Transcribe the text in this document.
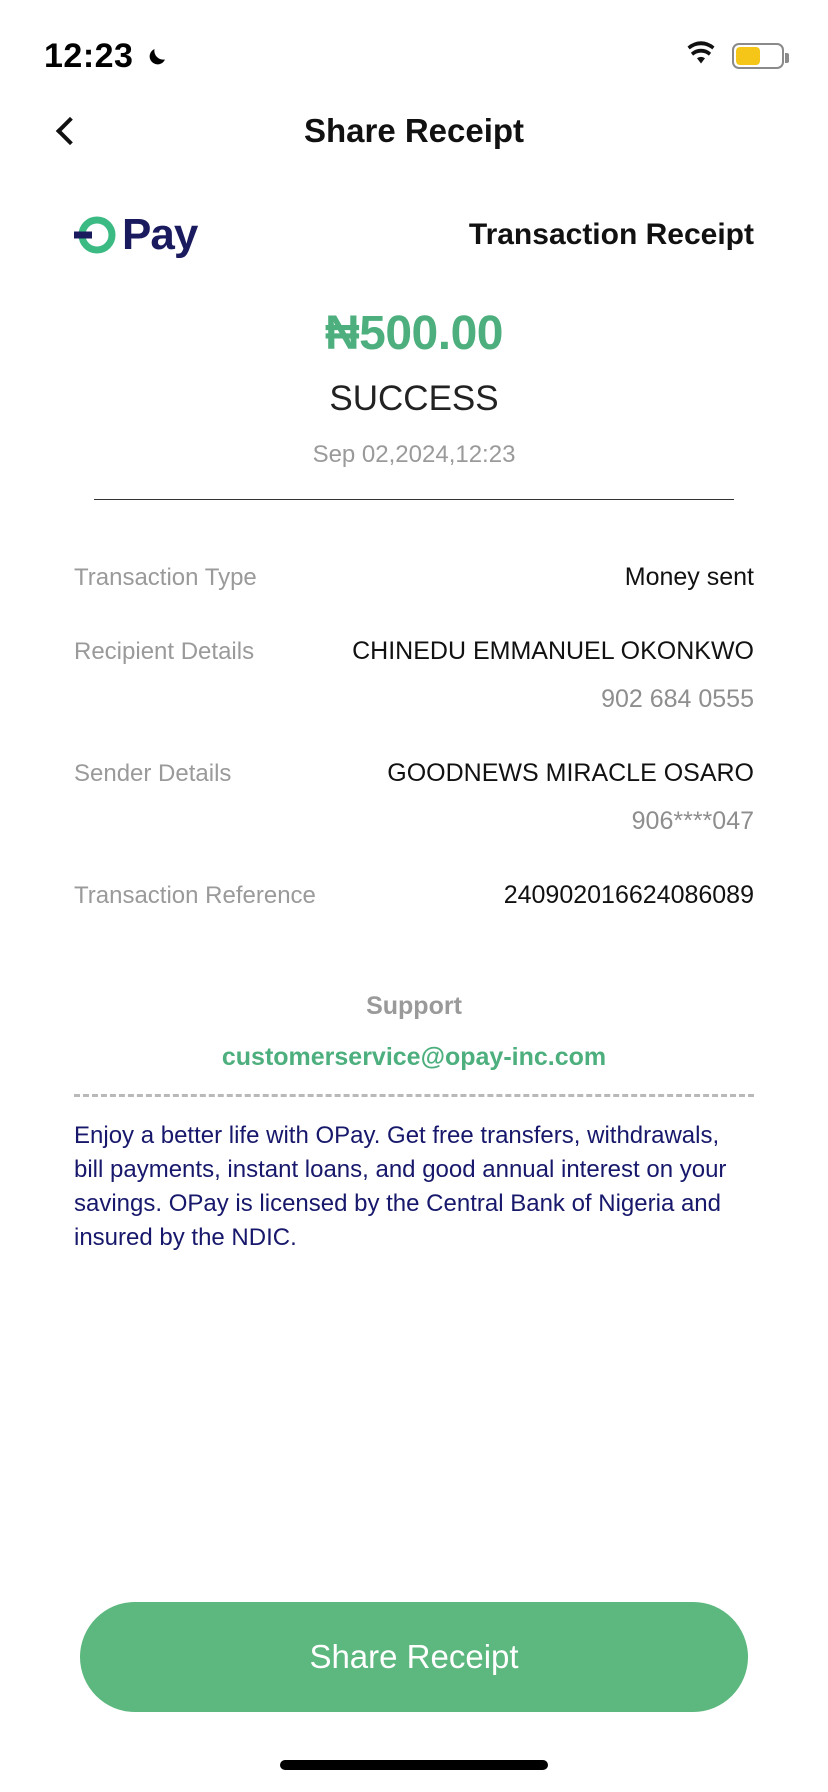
12:23
Share Receipt
Pay	Transaction Receipt
₦500.00
SUCCESS
Sep 02,2024,12:23
Transaction Type	Money sent
Recipient Details	CHINEDU EMMANUEL OKONKWO
902 684 0555
Sender Details	GOODNEWS MIRACLE OSARO
906****047
Transaction Reference	240902016624086089
Support
customerservice@opay-inc.com
Enjoy a better life with OPay. Get free transfers, withdrawals, bill payments, instant loans, and good annual interest on your savings. OPay is licensed by the Central Bank of Nigeria and insured by the NDIC.
Share Receipt
